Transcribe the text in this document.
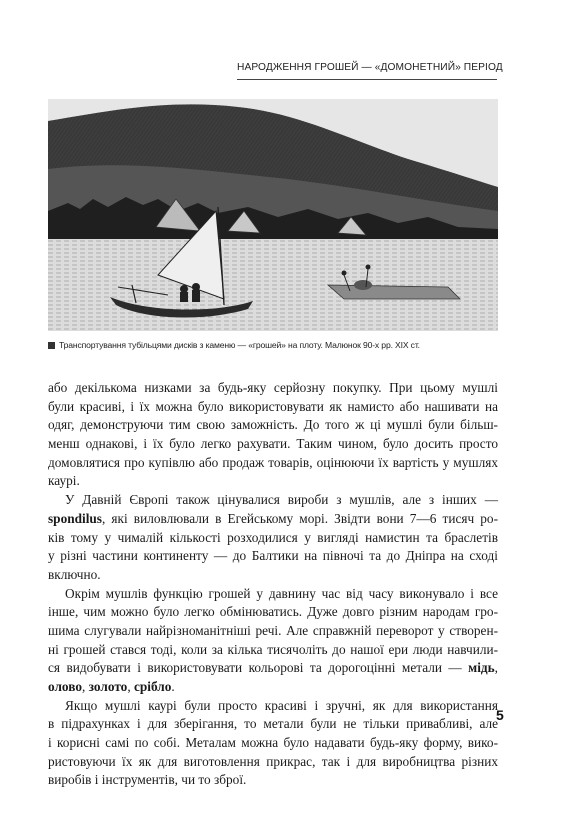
НАРОДЖЕННЯ ГРОШЕЙ — «ДОМОНЕТНИЙ» ПЕРІОД
Транспортування тубільцями дисків з каменю — «грошей» на плоту. Малюнок 90-х рр. XIX ст.
або декількома низками за будь-яку серйозну покупку. При цьому мушлі
були красиві, і їх можна було використовувати як намисто або нашивати на
одяг, демонструючи тим свою заможність. До того ж ці мушлі були більш-
менш однакові, і їх було легко рахувати. Таким чином, було досить просто
домовлятися про купівлю або продаж товарів, оцінюючи їх вартість у мушлях
каурі.
У Давній Європі також цінувалися вироби з мушлів, але з інших —
spondilus, які виловлювали в Егейському морі. Звідти вони 7—6 тисяч ро-
ків тому у чималій кількості розходилися у вигляді намистин та браслетів
у різні частини континенту — до Балтики на півночі та до Дніпра на сході
включно.
Окрім мушлів функцію грошей у давнину час від часу виконувало і все
інше, чим можно було легко обмінюватись. Дуже довго різним народам гро-
шима слугували найрізноманітніші речі. Але справжній переворот у створен-
ні грошей стався тоді, коли за кілька тисячоліть до нашої ери люди навчили-
ся видобувати і використовувати кольорові та дорогоцінні метали — мідь,
олово, золото, срібло.
Якщо мушлі каурі були просто красиві і зручні, як для використання
в підрахунках і для зберігання, то метали були не тільки привабливі, але
і корисні самі по собі. Металам можна було надавати будь-яку форму, вико-
ристовуючи їх як для виготовлення прикрас, так і для виробництва різних
виробів і інструментів, чи то зброї.
5
